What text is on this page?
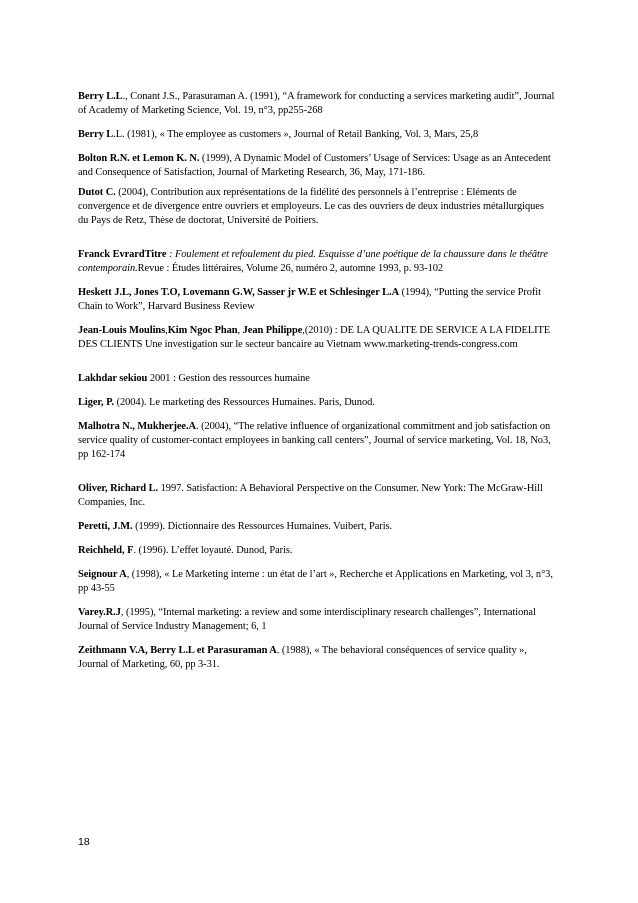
Berry L.L., Conant J.S., Parasuraman A. (1991), “A framework for conducting a services marketing audit”, Journal of Academy of Marketing Science, Vol. 19, n°3, pp255-268

Berry L.L. (1981), « The employee as customers », Journal of Retail Banking, Vol. 3, Mars, 25,8

Bolton R.N. et Lemon K. N. (1999), A Dynamic Model of Customers’ Usage of Services: Usage as an Antecedent and Consequence of Satisfaction, Journal of Marketing Research, 36, May, 171-186.

Dutot C. (2004), Contribution aux représentations de la fidélité des personnels à l’entreprise : Eléments de convergence et de divergence entre ouvriers et employeurs. Le cas des ouvriers de deux industries métallurgiques du Pays de Retz, Thèse de doctorat, Université de Poitiers.

Franck EvrardTitre : Foulement et refoulement du pied. Esquisse d’une poétique de la chaussure dans le théâtre contemporain.Revue : Études littéraires, Volume 26, numéro 2, automne 1993, p. 93-102

Heskett J.L, Jones T.O, Lovemann G.W, Sasser jr W.E et Schlesinger L.A (1994), “Putting the service Profit Chain to Work”, Harvard Business Review

Jean-Louis Moulins,Kim Ngoc Phan, Jean Philippe,(2010) : DE LA QUALITE DE SERVICE A LA FIDELITE DES CLIENTS Une investigation sur le secteur bancaire au Vietnam www.marketing-trends-congress.com

Lakhdar sekiou 2001 : Gestion des ressources humaine

Liger, P. (2004). Le marketing des Ressources Humaines. Paris, Dunod.

Malhotra N., Mukherjee.A. (2004), “The relative influence of organizational commitment and job satisfaction on service quality of customer-contact employees in banking call centers”, Journal of service marketing, Vol. 18, No3, pp 162-174

Oliver, Richard L. 1997. Satisfaction: A Behavioral Perspective on the Consumer. New York: The McGraw-Hill Companies, Inc.

Peretti, J.M. (1999). Dictionnaire des Ressources Humaines. Vuibert, Paris.

Reichheld, F. (1996). L’effet loyauté. Dunod, Paris.

Seignour A, (1998), « Le Marketing interne : un état de l’art », Recherche et Applications en Marketing, vol 3, n°3, pp 43-55

Varey.R.J, (1995), “Internal marketing: a review and some interdisciplinary research challenges”, International Journal of Service Industry Management; 6, 1

Zeithmann V.A, Berry L.L et Parasuraman A. (1988), « The behavioral conséquences of service quality », Journal of Marketing, 60, pp 3-31.

18
